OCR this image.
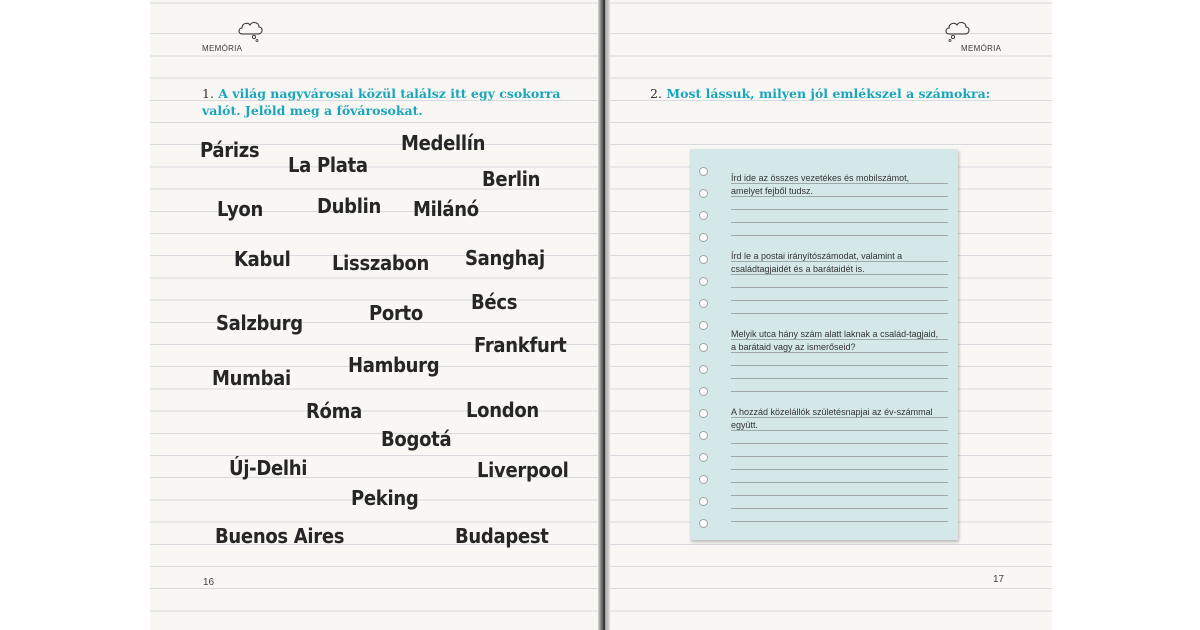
MEMÓRIA
1. A világ nagyvárosai közül találsz itt egy csokorra valót. Jelöld meg a fővárosokat.
Párizs
La Plata
Medellín
Berlin
Lyon	Dublin Milánó
Kabul Lisszabon Sanghaj
Salzburg	Porto	Bécs
Frankfurt
Hamburg
Mumbai
Róma	London
Bogotá
Új-Delhi	Liverpool
Peking
Buenos Aires	Budapest
16
MEMÓRIA
2. Most lássuk, milyen jól emlékszel a számokra:
Írd ide az összes vezetékes és mobilszámot, amelyet fejből tudsz.
Írd le a postai irányítószámodat, valamint a családtagjaidét és a barátaidét is.
Melyik utca hány szám alatt laknak a család-tagjaid, a barátaid vagy az ismerőseid?
A hozzád közelállók születésnapjai az év-számmal együtt.
17
